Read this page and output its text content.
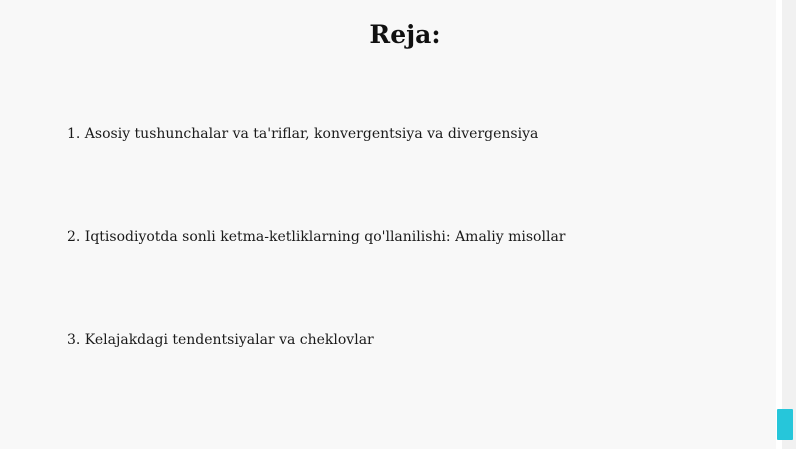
Reja:

1. Asosiy tushunchalar va ta'riflar, konvergentsiya va divergensiya

2. Iqtisodiyotda sonli ketma-ketliklarning qo'llanilishi: Amaliy misollar

3. Kelajakdagi tendentsiyalar va cheklovlar
